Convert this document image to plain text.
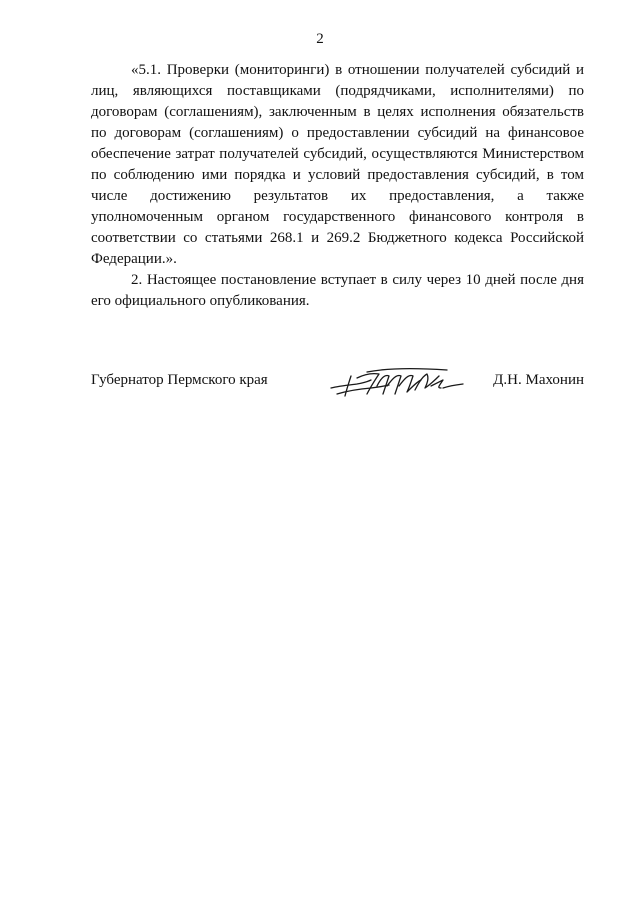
2

«5.1. Проверки (мониторинги) в отношении получателей субсидий и лиц, являющихся поставщиками (подрядчиками, исполнителями) по договорам (соглашениям), заключенным в целях исполнения обязательств по договорам (соглашениям) о предоставлении субсидий на финансовое обеспечение затрат получателей субсидий, осуществляются Министерством по соблюдению ими порядка и условий предоставления субсидий, в том числе достижению результатов их предоставления, а также уполномоченным органом государственного финансового контроля в соответствии со статьями 268.1 и 269.2 Бюджетного кодекса Российской Федерации.».

2. Настоящее постановление вступает в силу через 10 дней после дня его официального опубликования.

Губернатор Пермского края	Д.Н. Махонин
